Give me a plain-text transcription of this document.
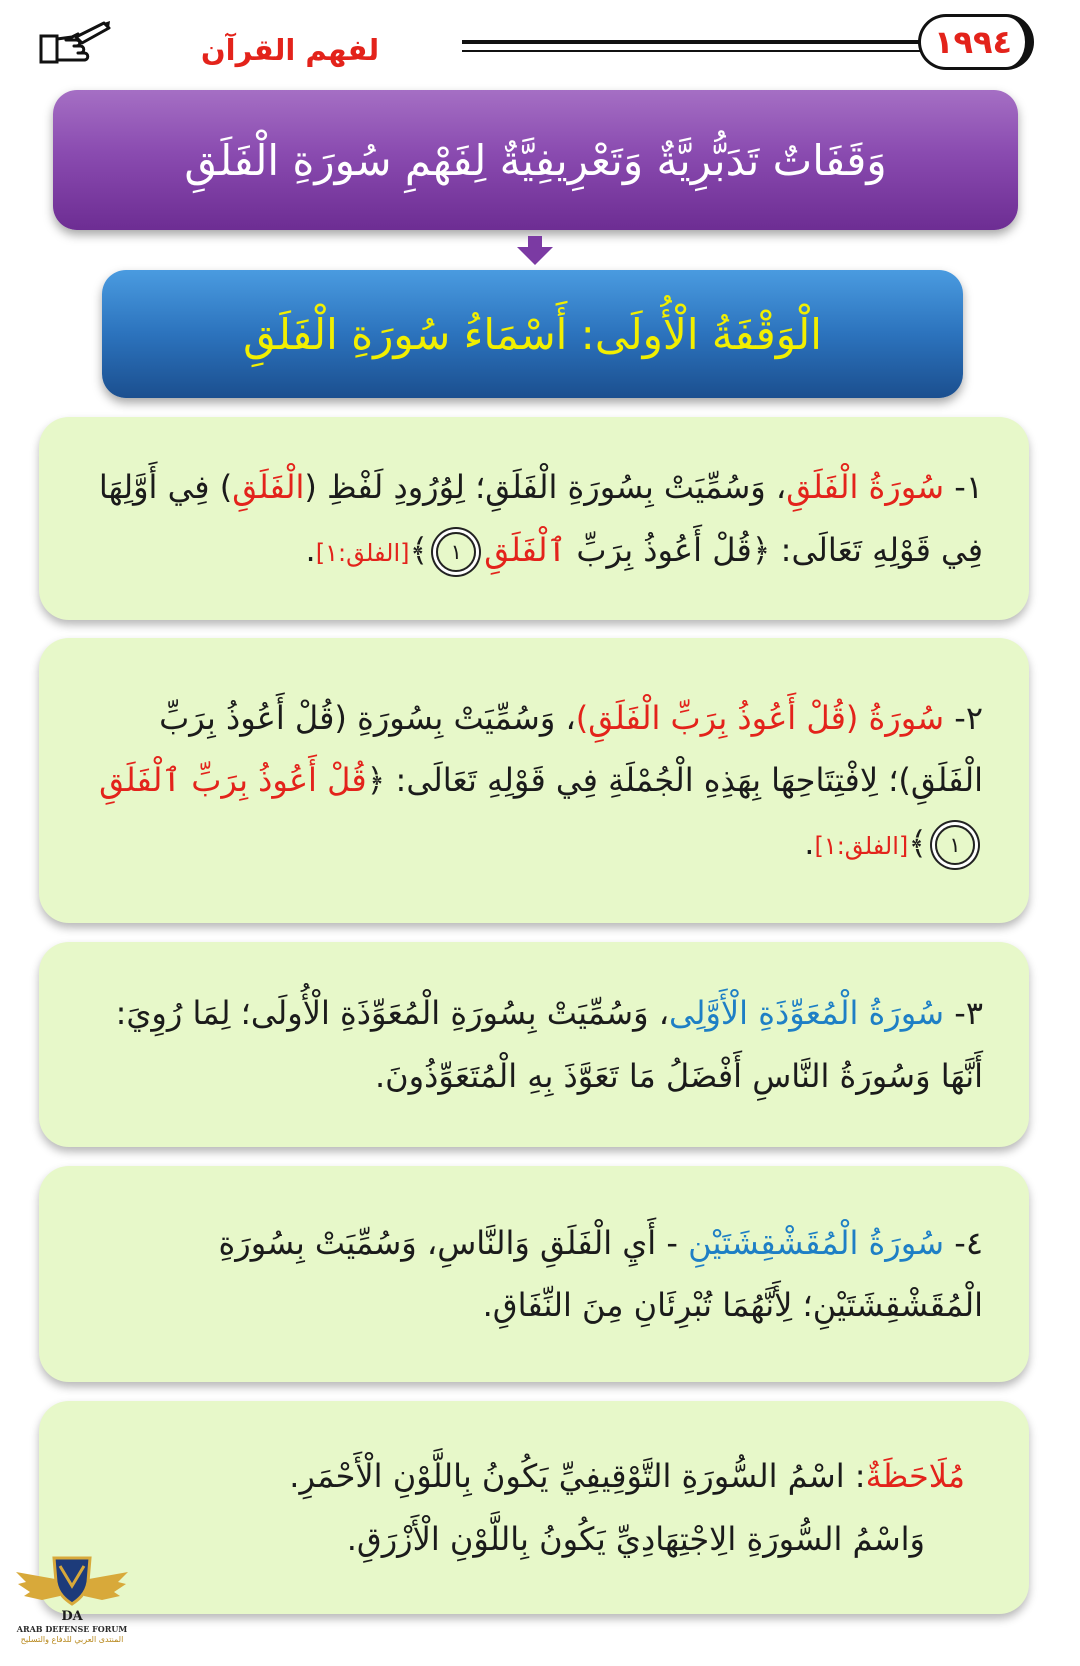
لفهم القرآن	١٩٩٤
وَقَفَاتٌ تَدَبُّرِيَّةٌ وَتَعْرِيفِيَّةٌ لِفَهْمِ سُورَةِ الْفَلَقِ
الْوَقْفَةُ الْأُولَى: أَسْمَاءُ سُورَةِ الْفَلَقِ

١- سُورَةُ الْفَلَقِ، وَسُمِّيَتْ بِسُورَةِ الْفَلَقِ؛ لِوُرُودِ لَفْظِ (الْفَلَقِ) فِي أَوَّلِهَا فِي قَوْلِهِ تَعَالَى: ﴿قُلْ أَعُوذُ بِرَبِّ ٱلْفَلَقِ١﴾[الفلق:١].

٢- سُورَةُ (قُلْ أَعُوذُ بِرَبِّ الْفَلَقِ)، وَسُمِّيَتْ بِسُورَةِ (قُلْ أَعُوذُ بِرَبِّ الْفَلَقِ)؛ لِافْتِتَاحِهَا بِهَذِهِ الْجُمْلَةِ فِي قَوْلِهِ تَعَالَى: ﴿قُلْ أَعُوذُ بِرَبِّ ٱلْفَلَقِ١﴾[الفلق:١].

٣- سُورَةُ الْمُعَوِّذَةِ الْأَوَّلِى، وَسُمِّيَتْ بِسُورَةِ الْمُعَوِّذَةِ الْأُولَى؛ لِمَا رُوِيَ: أَنَّهَا وَسُورَةُ النَّاسِ أَفْضَلُ مَا تَعَوَّذَ بِهِ الْمُتَعَوِّذُونَ.

٤- سُورَةُ الْمُقَشْقِشَتَيْنِ - أَيِ الْفَلَقِ وَالنَّاسِ، وَسُمِّيَتْ بِسُورَةِ الْمُقَشْقِشَتَيْنِ؛ لِأَنَّهُمَا تُبْرِئَانِ مِنَ النِّفَاقِ.

مُلَاحَظَةٌ: اسْمُ السُّورَةِ التَّوْقِيفِيِّ يَكُونُ بِاللَّوْنِ الْأَحْمَرِ.
وَاسْمُ السُّورَةِ الِاجْتِهَادِيِّ يَكُونُ بِاللَّوْنِ الْأَزْرَقِ.

DA
ARAB DEFENSE FORUM
المنتدى العربي للدفاع والتسليح
